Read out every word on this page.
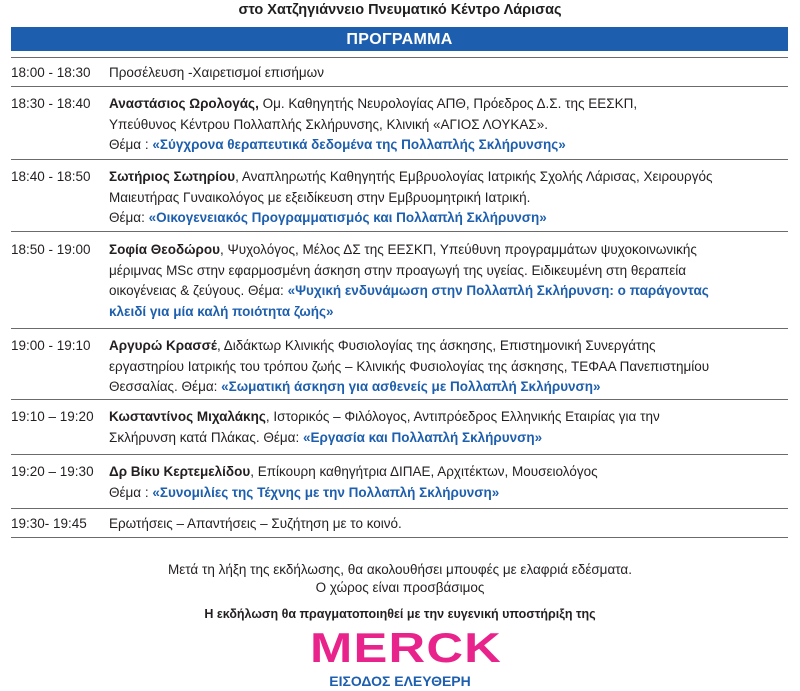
στο Χατζηγιάννειο Πνευματικό Κέντρο Λάρισας
ΠΡΟΓΡΑΜΜΑ
18:00 - 18:30	Προσέλευση -Χαιρετισμοί επισήμων
18:30 - 18:40	Αναστάσιος Ωρολογάς, Ομ. Καθηγητής Νευρολογίας ΑΠΘ, Πρόεδρος Δ.Σ. της ΕΕΣΚΠ,
Υπεύθυνος Κέντρου Πολλαπλής Σκλήρυνσης, Κλινική «ΑΓΙΟΣ ΛΟΥΚΑΣ».
Θέμα : «Σύγχρονα θεραπευτικά δεδομένα της Πολλαπλής Σκλήρυνσης»
18:40 - 18:50	Σωτήριος Σωτηρίου, Αναπληρωτής Καθηγητής Εμβρυολογίας Ιατρικής Σχολής Λάρισας, Χειρουργός
Μαιευτήρας Γυναικολόγος με εξειδίκευση στην Εμβρυομητρική Ιατρική.
Θέμα: «Οικογενειακός Προγραμματισμός και Πολλαπλή Σκλήρυνση»
18:50 - 19:00	Σοφία Θεοδώρου, Ψυχολόγος, Μέλος ΔΣ της ΕΕΣΚΠ, Υπεύθυνη προγραμμάτων ψυχοκοινωνικής
μέριμνας MSc στην εφαρμοσμένη άσκηση στην προαγωγή της υγείας. Ειδικευμένη στη θεραπεία
οικογένειας & ζεύγους. Θέμα: «Ψυχική ενδυνάμωση στην Πολλαπλή Σκλήρυνση: ο παράγοντας
κλειδί για μία καλή ποιότητα ζωής»
19:00 - 19:10	Αργυρώ Κρασσέ, Διδάκτωρ Κλινικής Φυσιολογίας της άσκησης, Επιστημονική Συνεργάτης
εργαστηρίου Ιατρικής του τρόπου ζωής – Κλινικής Φυσιολογίας της άσκησης, ΤΕΦΑΑ Πανεπιστημίου
Θεσσαλίας. Θέμα: «Σωματική άσκηση για ασθενείς με Πολλαπλή Σκλήρυνση»
19:10 – 19:20	Κωσταντίνος Μιχαλάκης, Ιστορικός – Φιλόλογος, Αντιπρόεδρος Ελληνικής Εταιρίας για την
Σκλήρυνση κατά Πλάκας. Θέμα: «Εργασία και Πολλαπλή Σκλήρυνση»
19:20 – 19:30	Δρ Βίκυ Κερτεμελίδου, Επίκουρη καθηγήτρια ΔΙΠΑΕ, Αρχιτέκτων, Μουσειολόγος
Θέμα : «Συνομιλίες της Τέχνης με την Πολλαπλή Σκλήρυνση»
19:30- 19:45	Ερωτήσεις – Απαντήσεις – Συζήτηση με το κοινό.
Μετά τη λήξη της εκδήλωσης, θα ακολουθήσει μπουφές με ελαφριά εδέσματα.
Ο χώρος είναι προσβάσιμος
Η εκδήλωση θα πραγματοποιηθεί με την ευγενική υποστήριξη της
MERCK
ΕΙΣΟΔΟΣ ΕΛΕΥΘΕΡΗ
